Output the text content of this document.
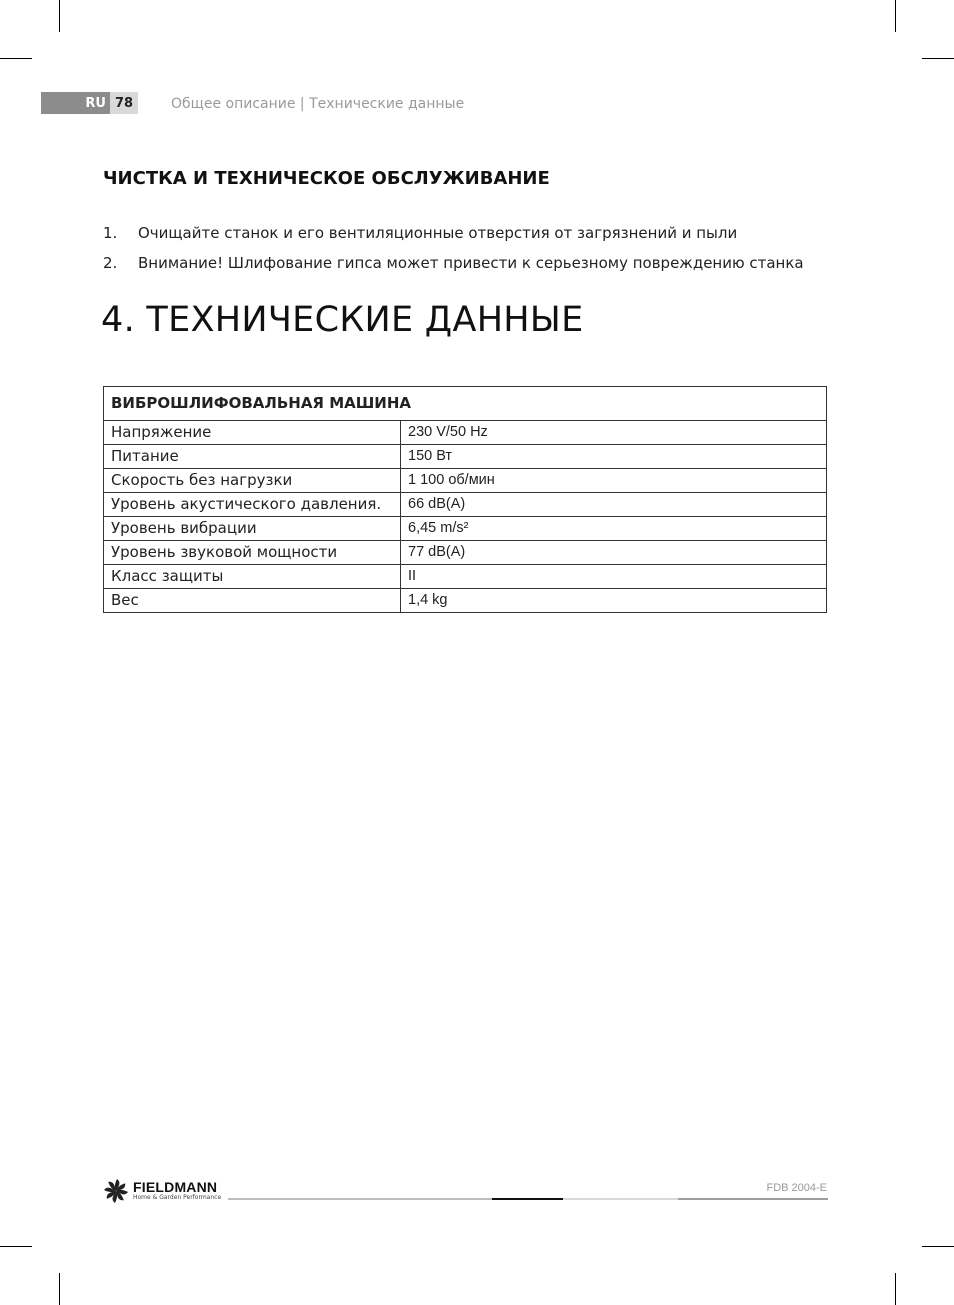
RU 78	Общее описание | Технические данные
ЧИСТКА И ТЕХНИЧЕСКОЕ ОБСЛУЖИВАНИЕ
1.	Очищайте станок и его вентиляционные отверстия от загрязнений и пыли
2.	Внимание! Шлифование гипса может привести к серьезному повреждению станка
4. ТЕХНИЧЕСКИЕ ДАННЫЕ
ВИБРОШЛИФОВАЛЬНАЯ МАШИНА	
Напряжение	230 V/50 Hz
Питание	150 Вт
Скорость без нагрузки	1 100 об/мин
Уровень акустического давления.	66 dB(A)
Уровень вибрации	6,45 m/s²
Уровень звуковой мощности	77 dB(A)
Класс защиты	II
Вес	1,4 kg
FIELDMANN
Home & Garden Performance
FDB 2004-E
